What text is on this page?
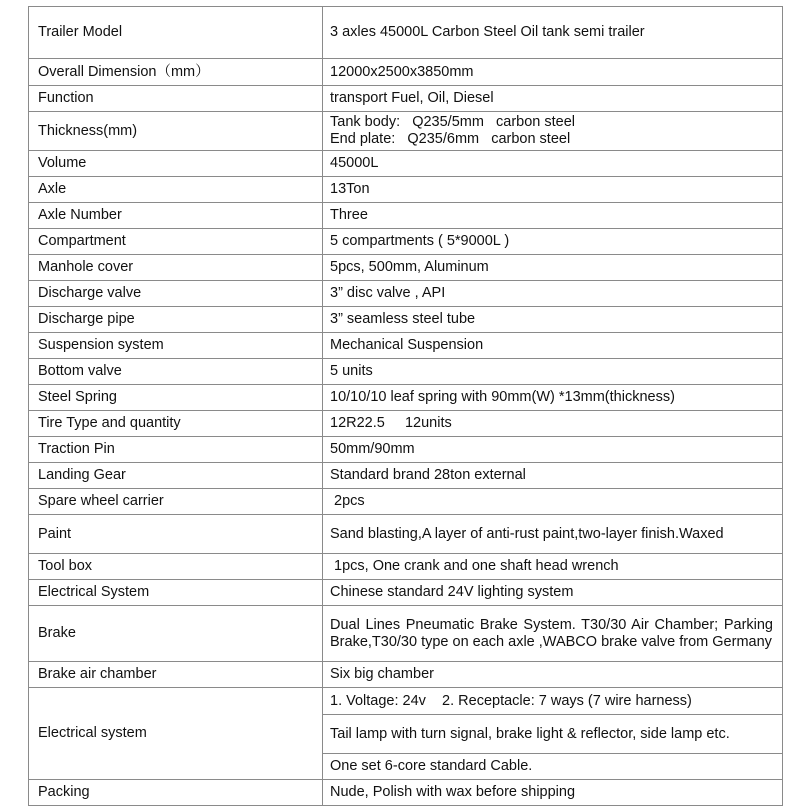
Trailer Model	3 axles 45000L Carbon Steel Oil tank semi trailer
Overall Dimension（mm）	12000x2500x3850mm
Function	transport Fuel, Oil, Diesel
Thickness(mm)	Tank body:   Q235/5mm   carbon steel
End plate:   Q235/6mm   carbon steel

Volume	45000L
Axle	13Ton
Axle Number	Three
Compartment	5 compartments ( 5*9000L )
Manhole cover	5pcs, 500mm, Aluminum
Discharge valve	3” disc valve , API
Discharge pipe	3” seamless steel tube
Suspension system	Mechanical Suspension
Bottom valve	5 units
Steel Spring	10/10/10 leaf spring with 90mm(W) *13mm(thickness)
Tire Type and quantity	12R22.5     12units
Traction Pin	50mm/90mm
Landing Gear	Standard brand 28ton external
Spare wheel carrier	2pcs
Paint	Sand blasting,A layer of anti-rust paint,two-layer finish.Waxed
Tool box	1pcs, One crank and one shaft head wrench
Electrical System	Chinese standard 24V lighting system
Brake	Dual Lines Pneumatic Brake System. T30/30 Air Chamber; Parking Brake,T30/30 type on each axle ,WABCO brake valve from Germany
Brake air chamber	Six big chamber
Electrical system	1. Voltage: 24v    2. Receptacle: 7 ways (7 wire harness)
	Tail lamp with turn signal, brake light & reflector, side lamp etc.
	One set 6-core standard Cable.
Packing	Nude, Polish with wax before shipping
